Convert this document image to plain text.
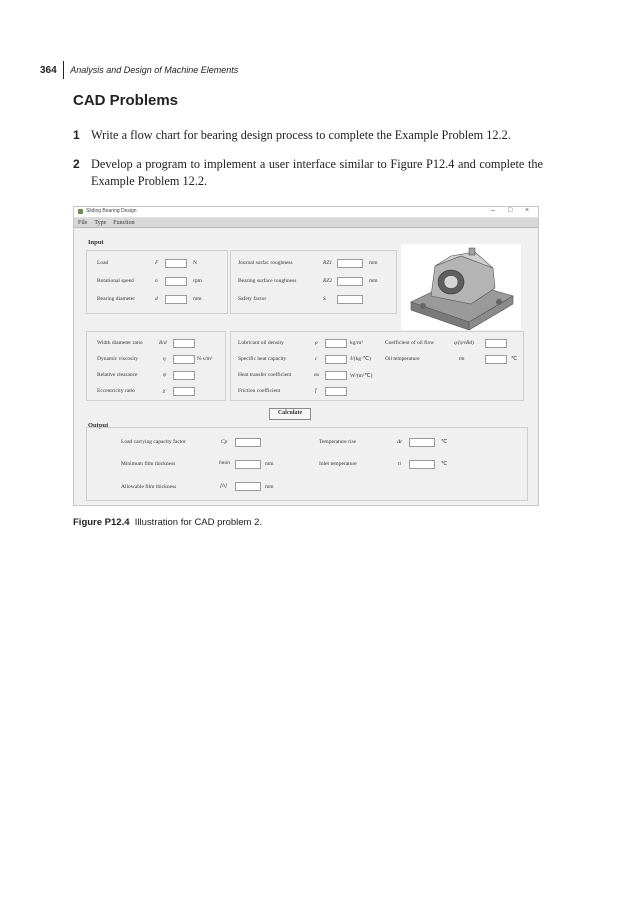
364 Analysis and Design of Machine Elements
CAD Problems
1 Write a flow chart for bearing design process to complete the Example Problem 12.2.
2 Develop a program to implement a user interface similar to Figure P12.4 and complete the Example Problem 12.2.
Sliding Bearing Design	– □ ×
File Type Function
Input
Load	F	N
Rotational speed	n	rpm
Bearing diameter	d	mm
Journal surfac roughness	RZ1	mm
Bearing surface roughness	RZ2	mm
Safety factor	S
Width diameter ratio	B/d
Dynamic viscosity	η	N·s/m²
Relative clearance	ψ
Eccentricity ratio	χ
Lubricant oil density	ρ	kg/m³
Specific heat capacity	c	J/(kg·℃)
Heat transfer coefficient	αs	W/(m²℃)
Friction coefficient	f
Coefficient of oil flow	q/(ψvBd)
Oil temperature	tm	℃
Calculate
Output
Load carrying capacity factor	Cp
Minimum film thickness	hmin	mm
Allowable film thickness	[h]	mm
Temperature rise	Δt	℃
Inlet temperature	ti	℃
Figure P12.4 Illustration for CAD problem 2.
